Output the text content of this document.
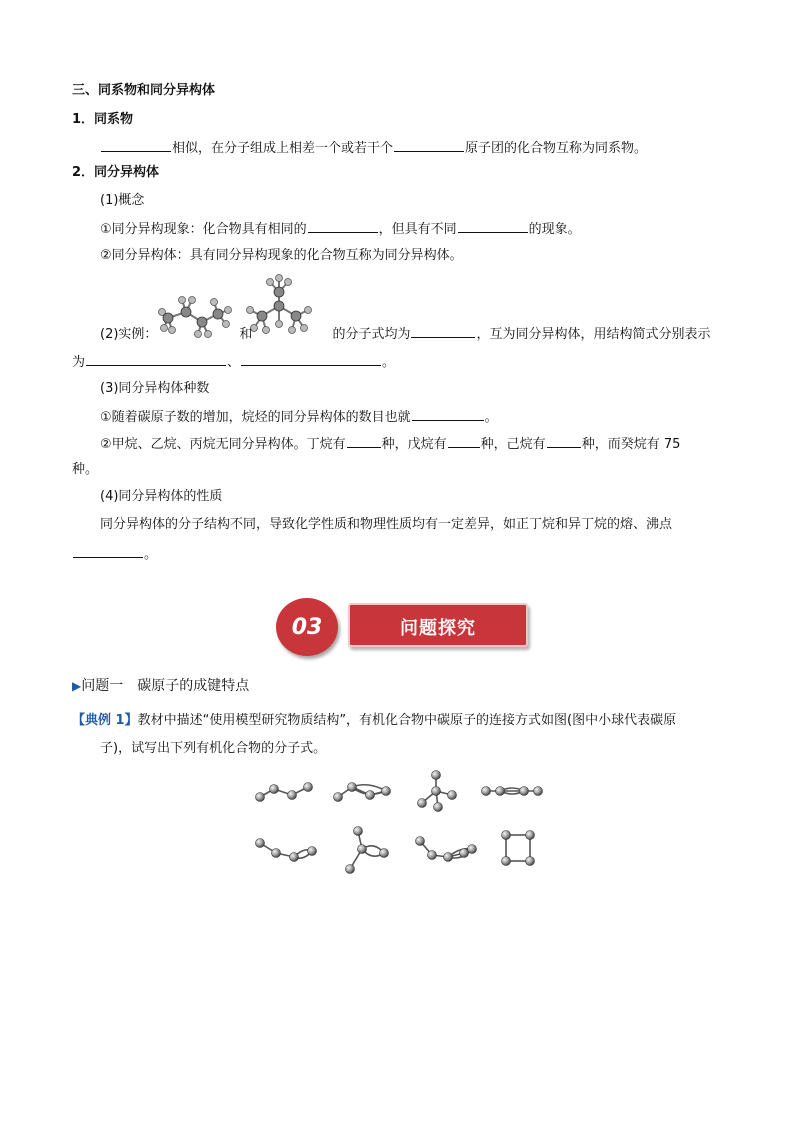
三、同系物和同分异构体
1．同系物
相似，在分子组成上相差一个或若干个	原子团的化合物互称为同系物。
2．同分异构体
(1)概念
①同分异构现象：化合物具有相同的	，但具有不同	的现象。
②同分异构体：具有同分异构现象的化合物互称为同分异构体。
(2)实例：	和	的分子式均为	，互为同分异构体，用结构简式分别表示
为	、	。
(3)同分异构体种数
①随着碳原子数的增加，烷烃的同分异构体的数目也就	。
②甲烷、乙烷、丙烷无同分异构体。丁烷有	种，戊烷有	种，己烷有	种，而癸烷有 75
种。
(4)同分异构体的性质
同分异构体的分子结构不同，导致化学性质和物理性质均有一定差异，如正丁烷和异丁烷的熔、沸点
。
03	问题探究
▶问题一　碳原子的成键特点
【典例 1】教材中描述“使用模型研究物质结构”，有机化合物中碳原子的连接方式如图(图中小球代表碳原
子)，试写出下列有机化合物的分子式。
